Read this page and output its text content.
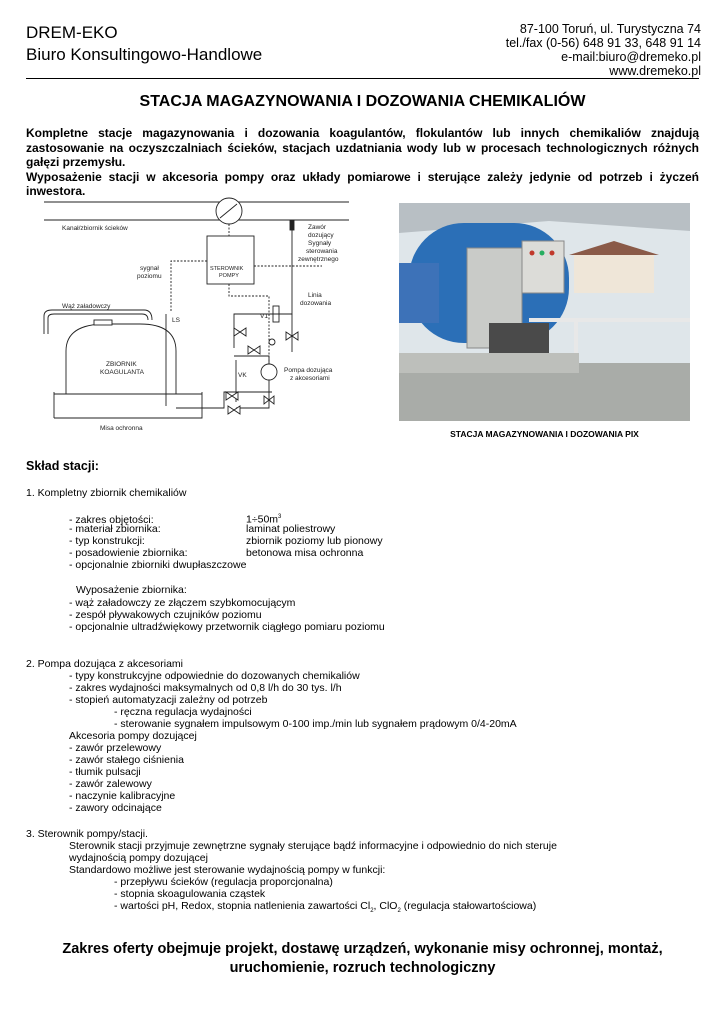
DREM-EKO
Biuro Konsultingowo-Handlowe
87-100 Toruń, ul. Turystyczna 74
tel./fax (0-56) 648 91 33, 648 91 14
e-mail:biuro@dremeko.pl
www.dremeko.pl
STACJA MAGAZYNOWANIA I DOZOWANIA CHEMIKALIÓW

Kompletne stacje magazynowania i dozowania koagulantów, flokulantów lub innych chemikaliów znajdują zastosowanie na oczyszczalniach ścieków, stacjach uzdatniania wody lub w procesach technologicznych różnych gałęzi przemysłu.

Wyposażenie stacji w akcesoria pompy oraz układy pomiarowe i sterujące zależy jedynie od potrzeb i życzeń inwestora.

Kanał/zbiornik ścieków	Zawór
dozujący
Sygnały
sterowania
zewnętrznego
STEROWNIK
POMPY
sygnał
poziomu
Linia
dozowania
Wąż załadowczy
LS
V1
ZBIORNIK
KOAGULANTA	VK
Pompa dozująca
z akcesoriami
Misa ochronna
STACJA MAGAZYNOWANIA I DOZOWANIA PIX
Skład stacji:
1. Kompletny zbiornik chemikaliów
- zakres objętości:	$1\div 50m^3$
- materiał zbiornika:	laminat poliestrowy
- typ konstrukcji:	zbiornik poziomy lub pionowy
- posadowienie zbiornika:	betonowa misa ochronna
- opcjonalnie zbiorniki dwupłaszczowe
Wyposażenie zbiornika:
- wąż załadowczy ze złączem szybkomocującym
- zespół pływakowych czujników poziomu
- opcjonalnie ultradźwiękowy przetwornik ciągłego pomiaru poziomu
2. Pompa dozująca z akcesoriami
- typy konstrukcyjne odpowiednie do dozowanych chemikaliów
- zakres wydajności maksymalnych od 0,8 l/h do 30 tys. l/h
- stopień automatyzacji zależny od potrzeb
- ręczna regulacja wydajności
- sterowanie sygnałem impulsowym 0-100 imp./min lub sygnałem prądowym 0/4-20mA
Akcesoria pompy dozującej
- zawór przelewowy
- zawór stałego ciśnienia
- tłumik pulsacji
- zawór zalewowy
- naczynie kalibracyjne
- zawory odcinające
3. Sterownik pompy/stacji.
Sterownik stacji przyjmuje zewnętrzne sygnały sterujące bądź informacyjne i odpowiednio do nich steruje
wydajnością pompy dozującej
Standardowo możliwe jest sterowanie wydajnością pompy w funkcji:
- przepływu ścieków (regulacja proporcjonalna)
- stopnia skoagulowania cząstek
- wartości pH, Redox, stopnia natlenienia zawartości $Cl_2$, ClO$_2$ (regulacja stałowartościowa)
Zakres oferty obejmuje projekt, dostawę urządzeń, wykonanie misy ochronnej, montaż,
uruchomienie, rozruch technologiczny
